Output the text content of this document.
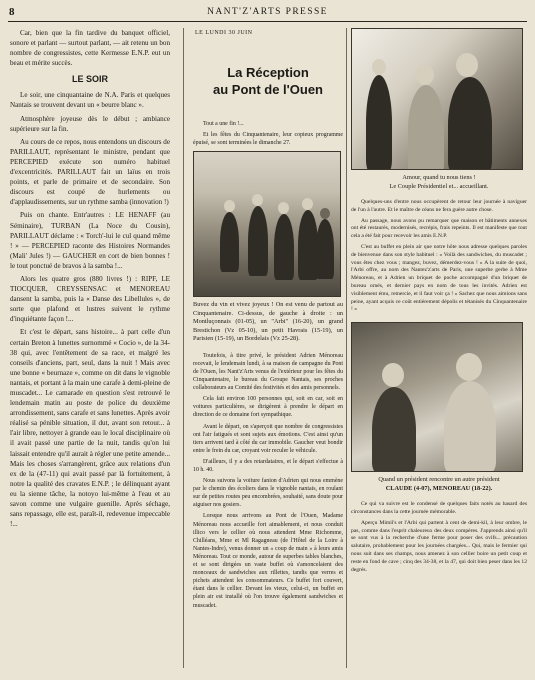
8	NANT'Z'ARTS PRESSE

Car, bien que la fin tardive du banquet officiel, sonore et parlant — surtout parlant, — ait retenu un bon nombre de congressistes, cette Kermesse E.N.P. eut un beau et mérite succès.

LE SOIR

Le soir, une cinquantaine de N.A. Paris et quelques Nantais se trouvent devant un « beurre blanc ».

Atmosphère joyeuse dès le début ; ambiance supérieure sur la fin.

Au cours de ce repos, nous entendons un discours de PARILLAUT, représentant le ministre, pendant que PERCEPIED exécute son numéro habituel d'excentricités. PARILLAUT fait un laïus en trois points, et parle de primaire et de secondaire. Son discours est coupé de hurlements ou d'applaudissements, sur un rythme samba (innovation !)

Puis on chante. Entr'autres : LE HENAFF (au Séminaire), TURBAN (La Noce du Cousin), PARILLAUT déclame : « Torch'-lui le cul quand même ! » — PERCEPIED raconte des Histoires Normandes (Mali' Jules !) — GAUCHER en cort de bien bonnes ! le tout ponctué de bravos à la samba !...

Alors les quatre gros (880 livres !) : RIPF, LE TIOCQUER, CREYSSENSAC et MENOREAU dansent la samba, puis la « Danse des Libellules », de sorte que plafond et lustres suivent le rythme d'inquiétante façon !...

Et c'est le départ, sans histoire... à part celle d'un certain Breton à lunettes surnommé « Cocio », de la 34-38 qui, avec l'entêtement de sa race, et malgré les conseils d'anciens, part, seul, dans la nuit ! Mais avec une bonne « beurnaze », comme on dit dans le vignoble nantais, et portant à la main une carafe à demi-pleine de muscadet... Le camarade en question s'est retrouvé le lendemain matin au poste de police du deuxième arrondissement, sans carafe et sans lunettes. Après avoir réalisé sa pénible situation, il dut, avant son retour... à l'air libre, nettoyer à grande eau le local disciplinaire où il avait passé une partie de la nuit, tandis qu'on lui laissait entendre qu'il aurait à régler une petite amende... Mais les choses s'arrangèrent, grâce aux relations d'un ex de la (47-11) qui avait passé par là fortuitement, à notre la qualité des cravates E.N.P. ; le délinquant ayant eu la sienne tâche, la notoyo lui-même à l'eau et au savon comme une vulgaire guenille. Après séchage, sans repassage, elle est, paraît-il, redevenue impeccable !...

LE LUNDI 30 JUIN
La Réception
au Pont de l'Ouen

Tout a une fin !...

Et les fêtes du Cinquantenaire, leur copieux programme épuisé, se sont terminées le dimanche 27.

Buvez du vin et vivez joyeux ! On est venu de partout au Cinquantenaire. Ci-dessus, de gauche à droite : un Montluçonnais (01-05), un "Arbi" (16-20), un grand Brestichon (Vz 05-10), un petit Havrais (15-19), un Parisien (15-19), un Bordelais (Vz 25-28).

Toutefois, à titre privé, le président Adrien Ménoreau recevait, le lendemain lundi, à sa maison de campagne du Pont de l'Ouen, les Nant'z'Arts venus de l'extérieur pour les fêtes du Cinquantenaire, le bureau du Groupe Nantais, ses proches collaborateurs au Comité des festivités et des amis personnels.

Cela fait environ 100 personnes qui, soit en car, soit en voitures particulières, se dirigèrent à prendre le départ en direction de ce domaine fort sympathique.

Avant le départ, on s'aperçoit que nombre de congressistes ont l'air fatigués et sont sujets aux émotions. C'est ainsi qu'un tiers arrivent tard à côté du car immobile. Gaucher veut bondir entre le frein du car, croyant voir reculer le véhicule.

D'ailleurs, il y a des retardataires, et le départ s'effectue à 10 h. 40.

Nous suivons la voiture fanion d'Adrien qui nous emmène par le chemin des écoliers dans le vignoble nantais, en roulant sur de petites routes peu encombrées, souhaité, sans doute pour aiguiser nos gosiers.

Lorsque nous arrivons au Pont de l'Ouen, Madame Ménoreau nous accueille fort aimablement, et nous conduit illico vers le cellier où nous attendent Mme Richomme, Chilléans, Mme et Ml Ragagneau (de l'Hôtel de la Loire à Nantes-Indre), venus donner un « coup de main » à leurs amis Ménoreau. Tout ce monde, autour de superbes tables blanches, et se sont dirigées un vaste buffet où s'amoncelaient des monceaux de sandwiches aux rillettes, tandis que verres et pichets attendent les consommateurs. Ce buffet fort couvert, étant dans le cellier. Devant les vieux, celui-ci, un buffet en plein air est installé où l'on trouve également sandwiches et muscadet.

Amour, quand tu nous tiens !
Le Couple Présidentiel et... accueillant.

Quelques-uns d'entre nous occupèrent de retour leur journée à naviguer de l'un à l'autre. Et le maître de céans ne fera guère autre chose.

Au passage, nous avons pu remarquer que maison et bâtiments annexes ont été restaurés, modernisés, recrépis, frais repeints. Il est manifeste que tout cela a été fait pour recevoir les amis E.N.P.

C'est au buffet en plein air que notre hôte nous adresse quelques paroles de bienvenue dans son style habituel : « Voilà des sandwiches, du muscadet ; vous êtes chez vous ; mangez, buvez, démerdez-vous ! » A la suite de quoi, l'Arbi offre, au nom des Nantez'z'arts de Paris, une superbe gerbe à Mme Ménoreau, et à Adrien un briquet de poche accompagné d'un briquet de bureau ornés, et dernier pays en nom de tous les invités. Adrien est visiblement ému, remercie, et il faut voir ça ! « Sachez que nous aimions sans peine, ayant acquis ce coût entièrement dépolis et tétanisés du Cinquantenaire ! »

Quand un président rencontre un autre président
CLAUDE (4-07), MENOREAU (18-22).

Ce qui va suivre est le condensé de quelques faits notés au hasard des circonstances dans la cette journée mémorable.

Aperçu Mimil's et l'Arbi qui partent à cent de demi-kil, à leur ombre, le pas, comme dans l'esprit chaleureux des deux compères. J'apprends ainsi qu'il se sont vus à la recherche d'une ferme pour poser des ovifs... précaution salutaire, probablement pour les journées chargées... Qui, mais le fermier qui nous suit dans ses champs, nous amenez à son cellier boire un petit coup et reste en fond de cave ; cinq des 34-38, et la 47, qui doit bien peser dans les 12 degrés.
